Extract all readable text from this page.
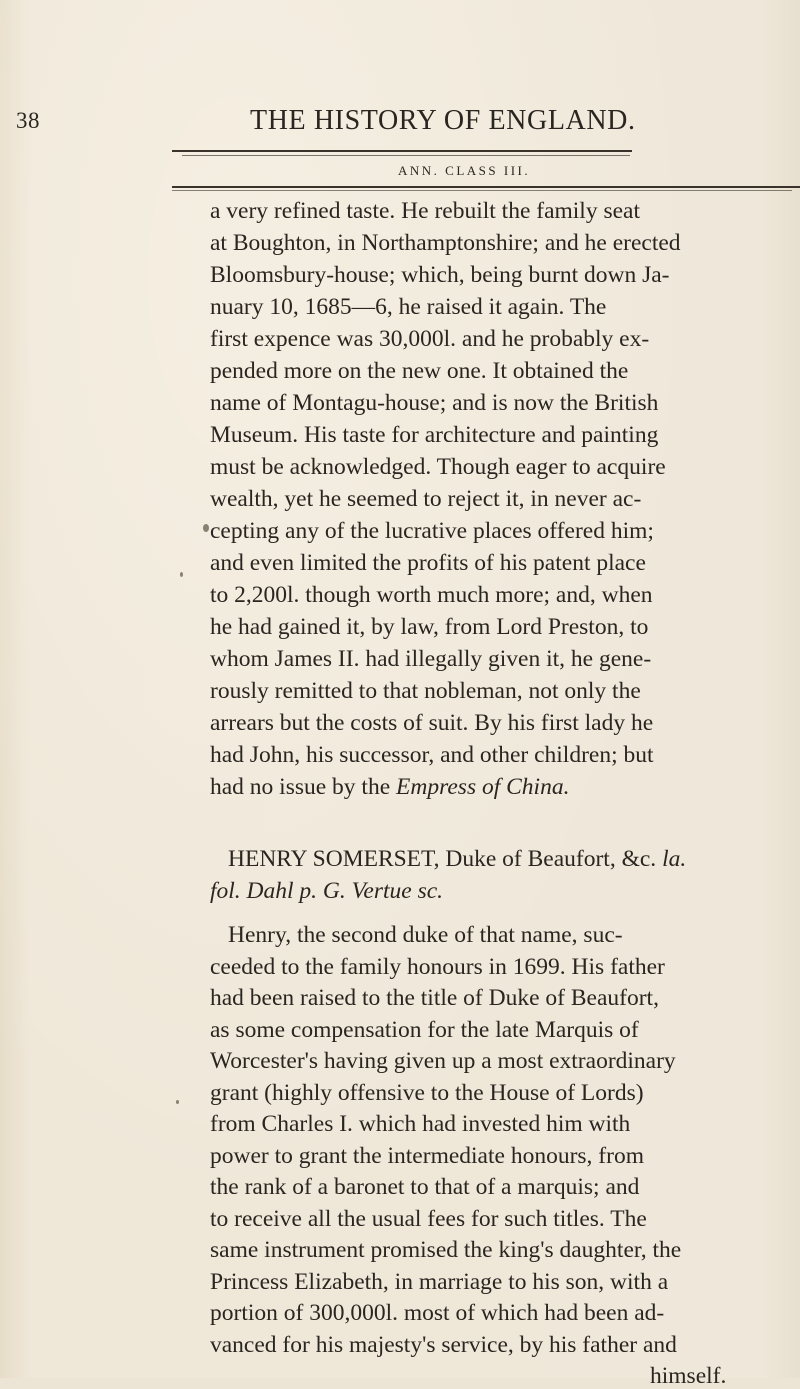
38	THE HISTORY OF ENGLAND.
ANN. CLASS III.
a very refined taste. He rebuilt the family seat
at Boughton, in Northamptonshire; and he erected
Bloomsbury-house; which, being burnt down Ja-
nuary 10, 1685—6, he raised it again. The
first expence was 30,000l. and he probably ex-
pended more on the new one. It obtained the
name of Montagu-house; and is now the British
Museum. His taste for architecture and painting
must be acknowledged. Though eager to acquire
wealth, yet he seemed to reject it, in never ac-
cepting any of the lucrative places offered him;
and even limited the profits of his patent place
to 2,200l. though worth much more; and, when
he had gained it, by law, from Lord Preston, to
whom James II. had illegally given it, he gene-
rously remitted to that nobleman, not only the
arrears but the costs of suit. By his first lady he
had John, his successor, and other children; but
had no issue by the Empress of China.
HENRY SOMERSET, Duke of Beaufort, &c. la.
fol. Dahl p. G. Vertue sc.
Henry, the second duke of that name, suc-
ceeded to the family honours in 1699. His father
had been raised to the title of Duke of Beaufort,
as some compensation for the late Marquis of
Worcester's having given up a most extraordinary
grant (highly offensive to the House of Lords)
from Charles I. which had invested him with
power to grant the intermediate honours, from
the rank of a baronet to that of a marquis; and
to receive all the usual fees for such titles. The
same instrument promised the king's daughter, the
Princess Elizabeth, in marriage to his son, with a
portion of 300,000l. most of which had been ad-
vanced for his majesty's service, by his father and
himself.
